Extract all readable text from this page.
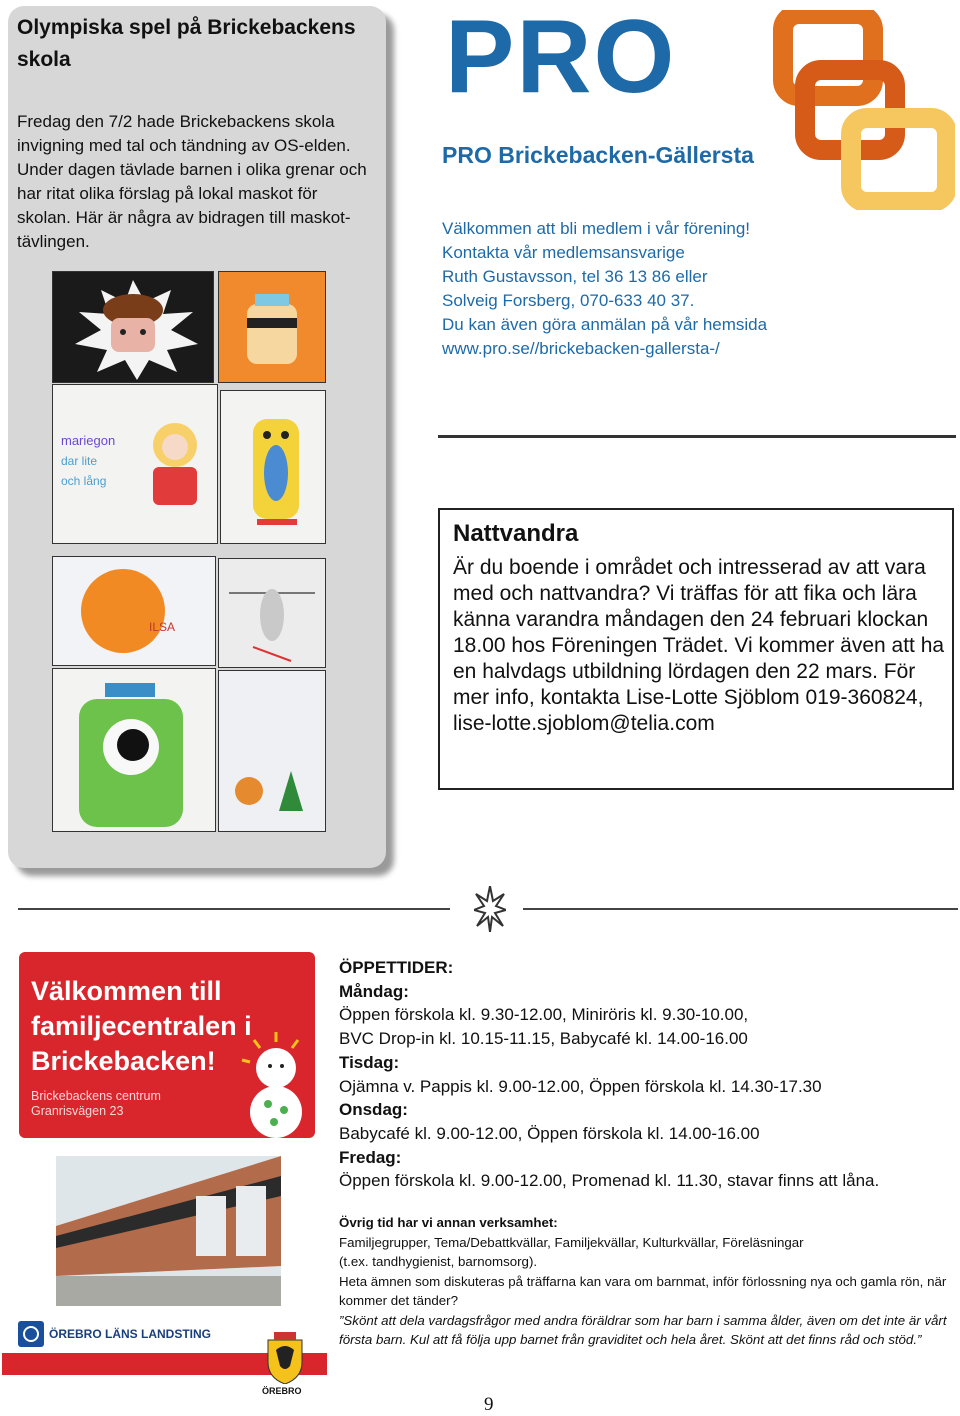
Olympiska spel på Brickebackens skola
Fredag den 7/2 hade Brickebackens skola invigning med tal och tändning av OS-elden. Under dagen tävlade barnen i olika grenar och har ritat olika förslag på lokal maskot för skolan. Här är några av bidragen till maskot-tävlingen.
mariegon
dar lite
och lång
ILSA
PRO
PRO Brickebacken-Gällersta
Välkommen att bli medlem i vår förening!
Kontakta vår medlemsansvarige
Ruth Gustavsson, tel 36 13 86 eller
Solveig Forsberg, 070-633 40 37.
Du kan även göra anmälan på vår hemsida
www.pro.se//brickebacken-gallersta-/
Nattvandra
Är du boende i området och intresserad av att vara med och nattvandra? Vi träffas för att fika och lära känna varandra måndagen den 24 februari klockan 18.00 hos Föreningen Trädet. Vi kommer även att ha en halvdags utbildning lördagen den 22 mars. För mer info, kontakta Lise-Lotte Sjöblom 019-360824, lise-lotte.sjoblom@telia.com
Välkommen till familjecentralen i Brickebacken!
Brickebackens centrum
Granrisvägen 23
ÖREBRO LÄNS LANDSTING
ÖREBRO
ÖPPETTIDER:
Måndag:
Öppen förskola kl. 9.30-12.00, Miniröris kl. 9.30-10.00,
BVC Drop-in kl. 10.15-11.15, Babycafé kl. 14.00-16.00
Tisdag:
Ojämna v. Pappis kl. 9.00-12.00, Öppen förskola kl. 14.30-17.30
Onsdag:
Babycafé kl. 9.00-12.00, Öppen förskola kl. 14.00-16.00
Fredag:
Öppen förskola kl. 9.00-12.00, Promenad kl. 11.30, stavar finns att låna.
Övrig tid har vi annan verksamhet:
Familjegrupper, Tema/Debattkvällar, Familjekvällar, Kulturkvällar, Föreläsningar
(t.ex. tandhygienist, barnomsorg).
Heta ämnen som diskuteras på träffarna kan vara om barnmat, inför förlossning nya och gamla rön, när kommer det tänder?
”Skönt att dela vardagsfrågor med andra föräldrar som har barn i samma ålder, även om det inte är vårt första barn. Kul att få följa upp barnet från graviditet och hela året. Skönt att det finns råd och stöd.”
9
